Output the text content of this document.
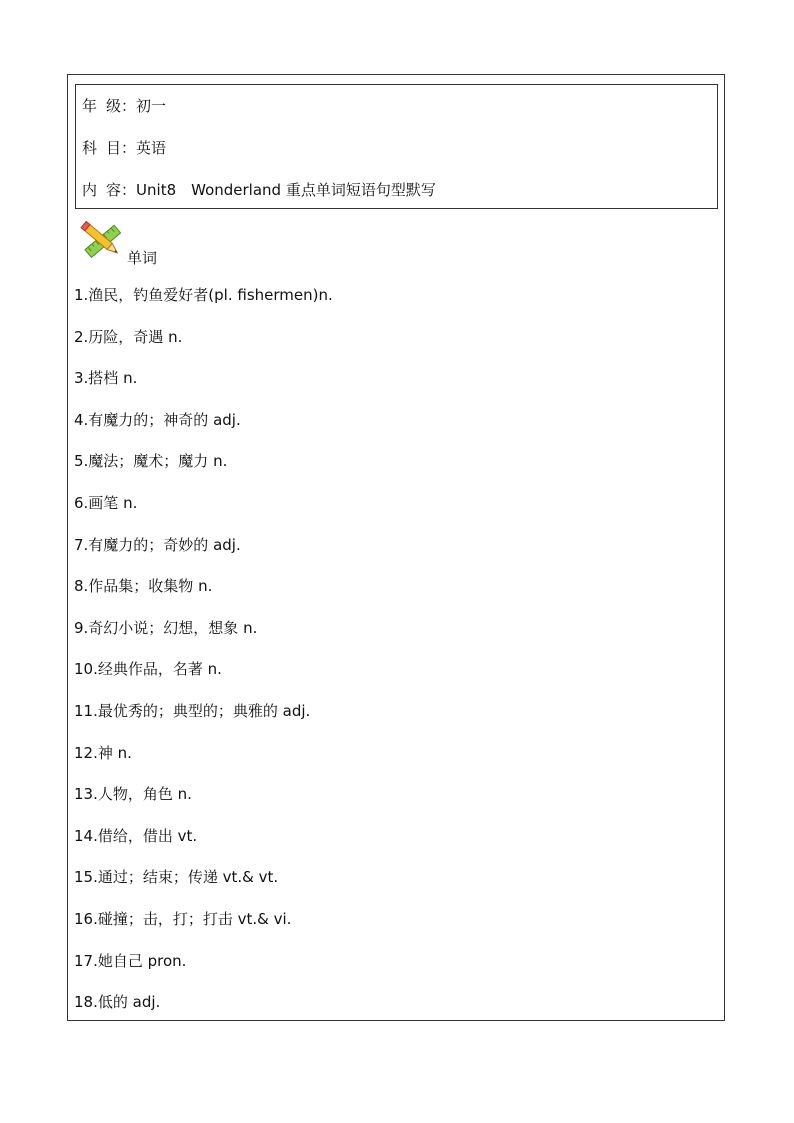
年 级：初一
科 目：英语
内 容：Unit8　Wonderland 重点单词短语句型默写
单词
1.渔民，钓鱼爱好者(pl. fishermen)n.
2.历险，奇遇 n.
3.搭档 n.
4.有魔力的；神奇的 adj.
5.魔法；魔术；魔力 n.
6.画笔 n.
7.有魔力的；奇妙的 adj.
8.作品集；收集物 n.
9.奇幻小说；幻想，想象 n.
10.经典作品，名著 n.
11.最优秀的；典型的；典雅的 adj.
12.神 n.
13.人物，角色 n.
14.借给，借出 vt.
15.通过；结束；传递 vt.& vt.
16.碰撞；击，打；打击 vt.& vi.
17.她自己 pron.
18.低的 adj.
